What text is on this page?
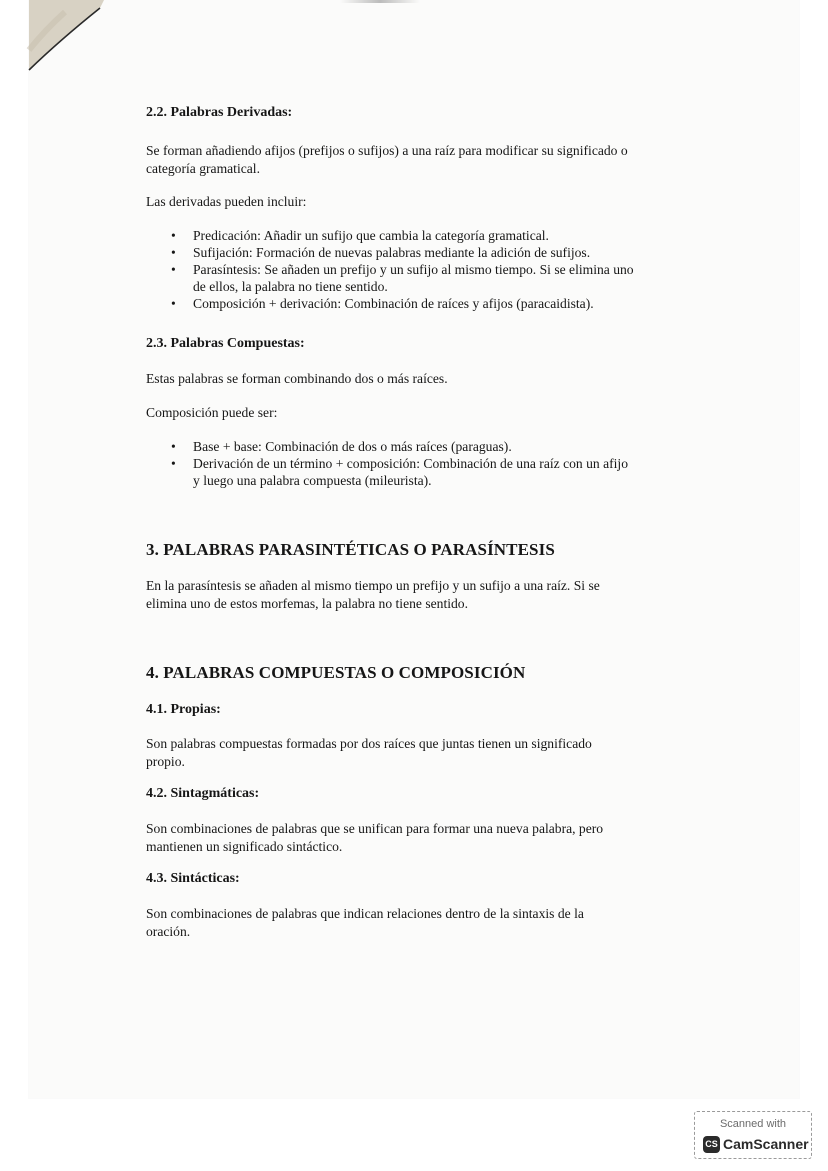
2.2. Palabras Derivadas:

Se forman añadiendo afijos (prefijos o sufijos) a una raíz para modificar su significado o

categoría gramatical.

Las derivadas pueden incluir:

• Predicación: Añadir un sufijo que cambia la categoría gramatical.
• Sufijación: Formación de nuevas palabras mediante la adición de sufijos.
• Parasíntesis: Se añaden un prefijo y un sufijo al mismo tiempo. Si se elimina uno
de ellos, la palabra no tiene sentido.
• Composición + derivación: Combinación de raíces y afijos (paracaidista).

2.3. Palabras Compuestas:

Estas palabras se forman combinando dos o más raíces.

Composición puede ser:

• Base + base: Combinación de dos o más raíces (paraguas).
• Derivación de un término + composición: Combinación de una raíz con un afijo
y luego una palabra compuesta (mileurista).

3. PALABRAS PARASINTÉTICAS O PARASÍNTESIS

En la parasíntesis se añaden al mismo tiempo un prefijo y un sufijo a una raíz. Si se

elimina uno de estos morfemas, la palabra no tiene sentido.

4. PALABRAS COMPUESTAS O COMPOSICIÓN

4.1. Propias:

Son palabras compuestas formadas por dos raíces que juntas tienen un significado

propio.

4.2. Sintagmáticas:

Son combinaciones de palabras que se unifican para formar una nueva palabra, pero

mantienen un significado sintáctico.

4.3. Sintácticas:

Son combinaciones de palabras que indican relaciones dentro de la sintaxis de la

oración.

Scanned with
CS CamScanner
